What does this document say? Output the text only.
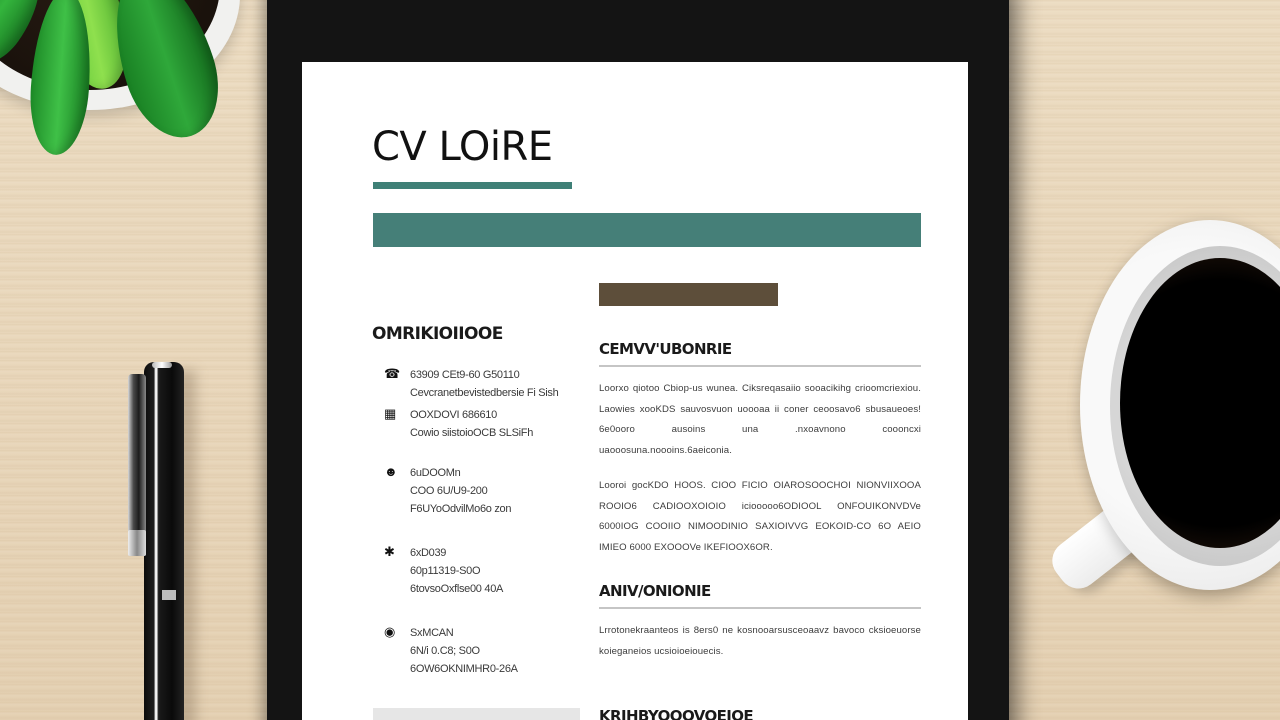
CV LOiRE
OMRIKIOIIOOE
☎ 63909 CEt9-60 G50110
Cevcranetbevistedbersie Fi Sish
▦ OOXDOVI 686610
Cowio siistoioOCB SLSiFh
☻ 6uDOOMn
COO 6U/U9-200
F6UYoOdvilMo6o zon
✱ 6xD039
60p11319-S0O
6tovsoOxflse00 40A
◉ SxMCAN
6N/i 0.C8; S0O
6OW6OKNIMHR0-26A
CEMVV'UBONRIE

Loorxo qiotoo Cbiop-us wunea. Ciksreqasaiio sooacikihg crioomcriexiou. Laowies xooKDS sauvosvuon uoooaa ii coner ceoosavo6 sbusaueoes! 6e0ooro ausoins una .nxoavnono coooncxi uaooosuna.noooins.6aeiconia.

Looroi gocKDO HOOS. CIOO FICIO OIAROSOOCHOI NIONVIIXOOA ROOIO6 CADIOOXOIOIO iciooooo6ODIOOL ONFOUIKONVDVe 6000IOG COOIIO NIMOODINIO SAXIOIVVG EOKOID-CO 6O AEIO IMIEO 6000 EXOOOVe IKEFIOOX6OR.

ANIV/ONIONIE

Lrrotonekraanteos is 8ers0 ne kosnooarsusceoaavz bavoco cksioeuorse koieganeios ucsioioeiouecis.

KRIHBYOOOVOEIOE
